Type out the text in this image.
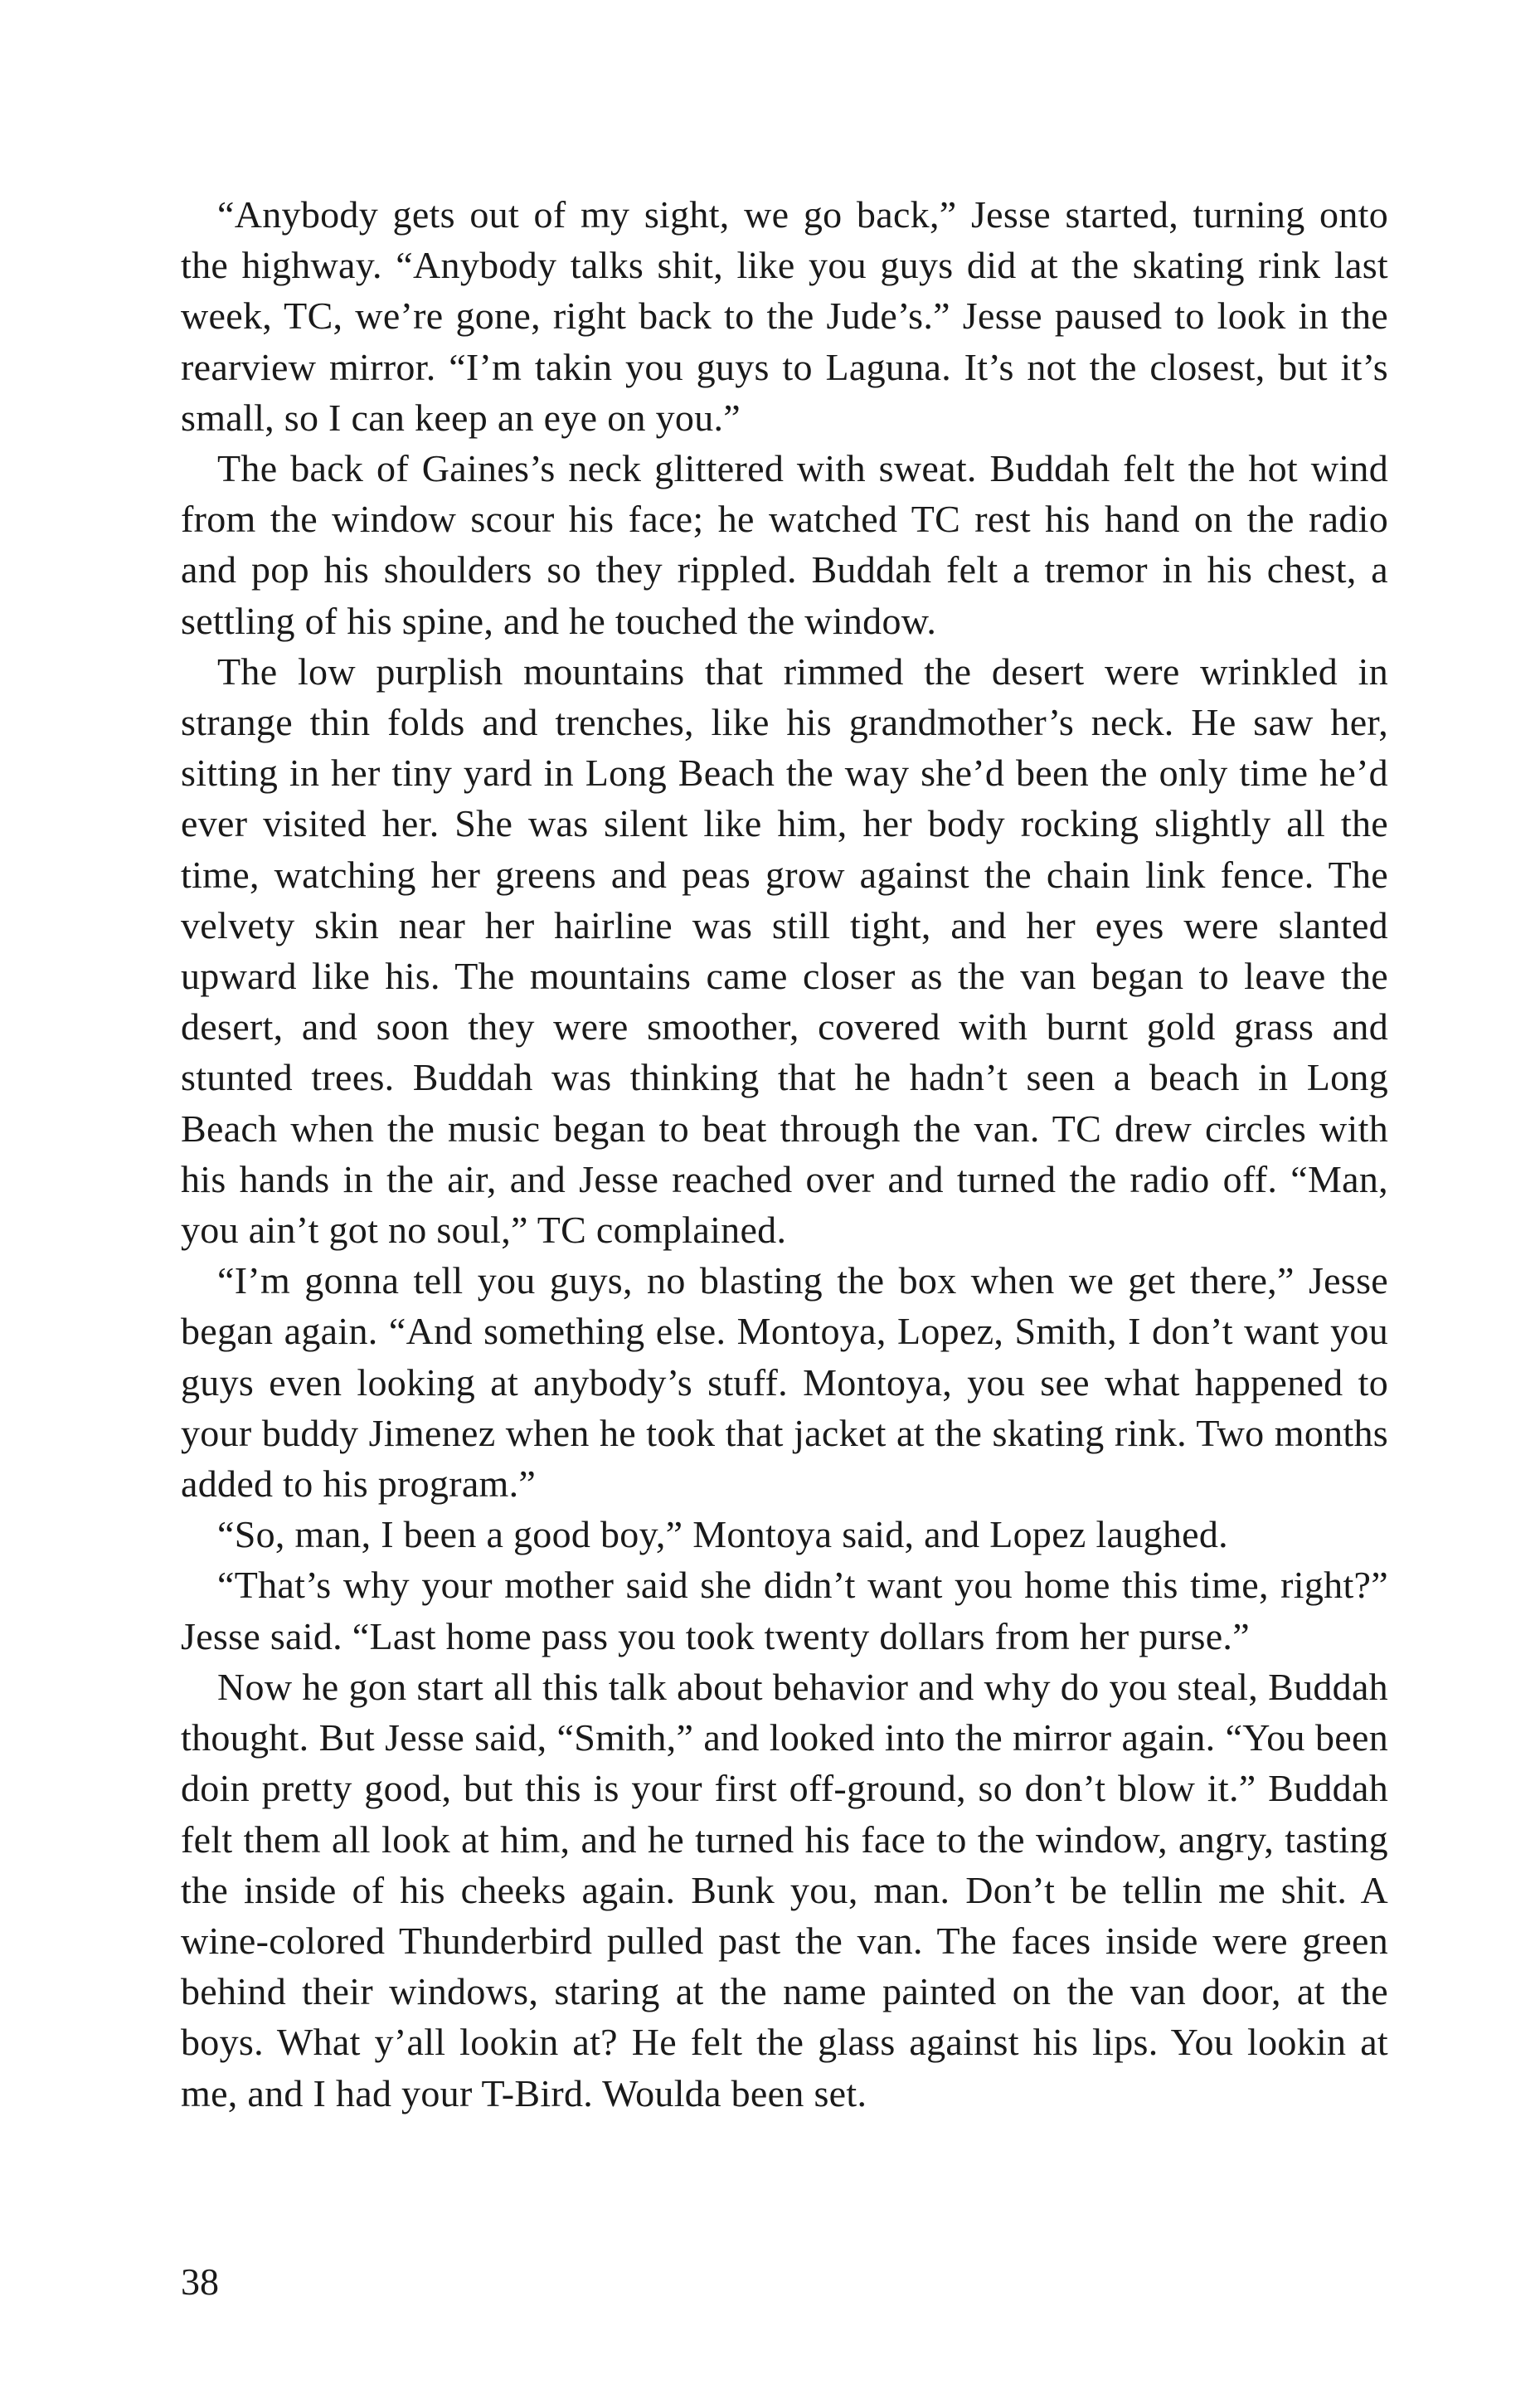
“Anybody gets out of my sight, we go back,” Jesse started, turning onto the highway. “Anybody talks shit, like you guys did at the skating rink last week, TC, we’re gone, right back to the Jude’s.” Jesse paused to look in the rearview mirror. “I’m takin you guys to Laguna. It’s not the closest, but it’s small, so I can keep an eye on you.”

The back of Gaines’s neck glittered with sweat. Buddah felt the hot wind from the window scour his face; he watched TC rest his hand on the radio and pop his shoulders so they rippled. Buddah felt a tremor in his chest, a settling of his spine, and he touched the window.

The low purplish mountains that rimmed the desert were wrinkled in strange thin folds and trenches, like his grandmother’s neck. He saw her, sitting in her tiny yard in Long Beach the way she’d been the only time he’d ever visited her. She was silent like him, her body rocking slightly all the time, watching her greens and peas grow against the chain link fence. The velvety skin near her hairline was still tight, and her eyes were slanted upward like his. The mountains came closer as the van began to leave the desert, and soon they were smoother, covered with burnt gold grass and stunted trees. Buddah was thinking that he hadn’t seen a beach in Long Beach when the music began to beat through the van. TC drew circles with his hands in the air, and Jesse reached over and turned the radio off. “Man, you ain’t got no soul,” TC complained.

“I’m gonna tell you guys, no blasting the box when we get there,” Jesse began again. “And something else. Montoya, Lopez, Smith, I don’t want you guys even looking at anybody’s stuff. Montoya, you see what happened to your buddy Jimenez when he took that jacket at the skating rink. Two months added to his program.”

“So, man, I been a good boy,” Montoya said, and Lopez laughed.

“That’s why your mother said she didn’t want you home this time, right?” Jesse said. “Last home pass you took twenty dollars from her purse.”

Now he gon start all this talk about behavior and why do you steal, Buddah thought. But Jesse said, “Smith,” and looked into the mirror again. “You been doin pretty good, but this is your first off-ground, so don’t blow it.” Buddah felt them all look at him, and he turned his face to the window, angry, tasting the inside of his cheeks again. Bunk you, man. Don’t be tellin me shit. A wine-colored Thunderbird pulled past the van. The faces inside were green behind their windows, staring at the name painted on the van door, at the boys. What y’all lookin at? He felt the glass against his lips. You lookin at me, and I had your T-Bird. Woulda been set.

38
